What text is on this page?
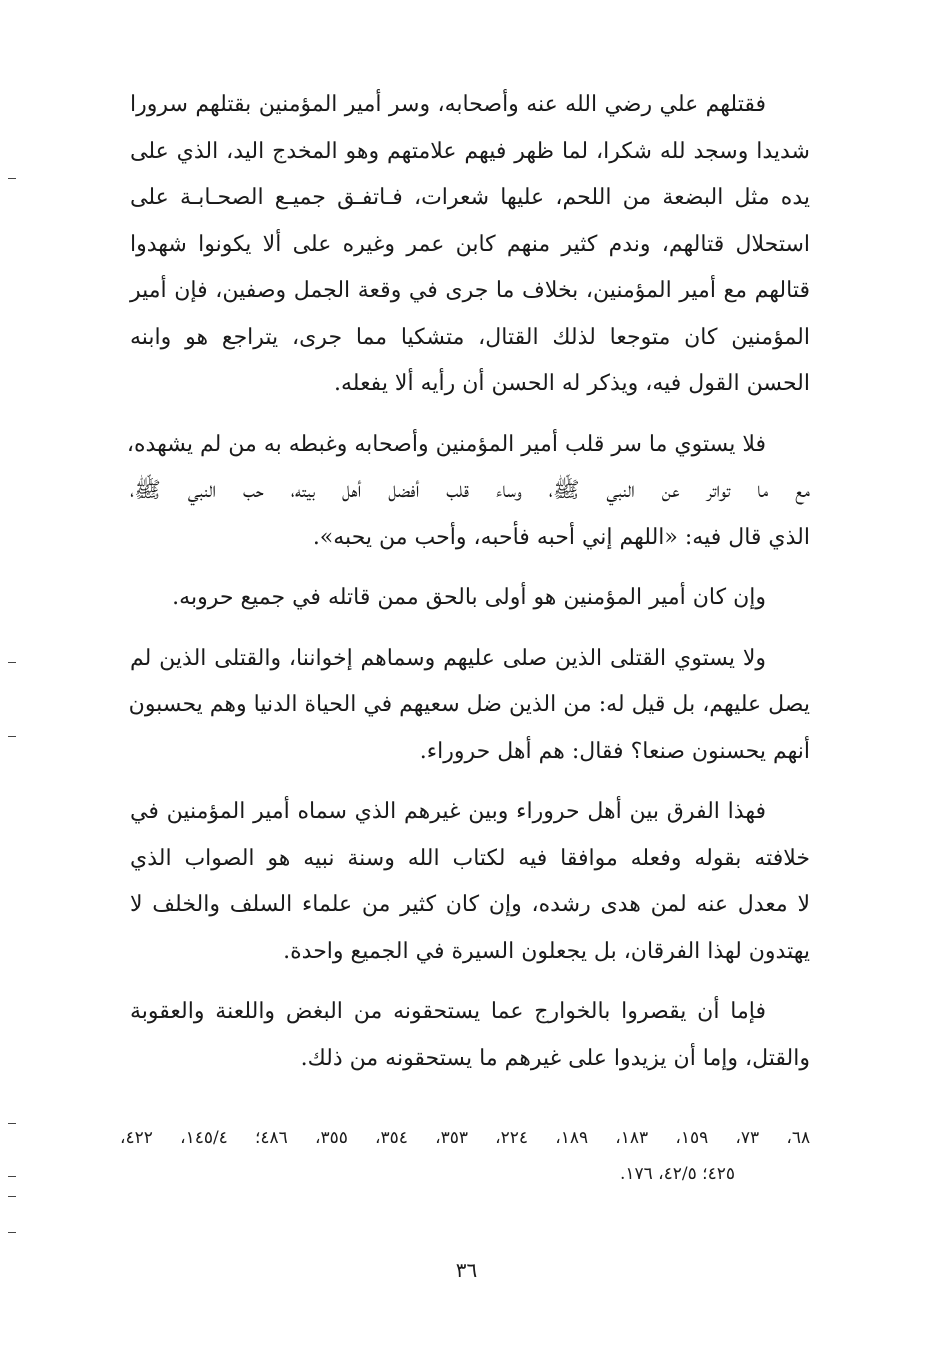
فقتلهم علي رضي الله عنه وأصحابه، وسر أمير المؤمنين بقتلهم سرورا
شديدا وسجد لله شكرا، لما ظهر فيهم علامتهم وهو المخدج اليد، الذي على
يده مثل البضعة من اللحم، عليها شعرات، فـاتفـق جميـع الصحـابـة على
استحلال قتالهم، وندم كثير منهم كابن عمر وغيره على ألا يكونوا شهدوا
قتالهم مع أمير المؤمنين، بخلاف ما جرى في وقعة الجمل وصفين، فإن أمير
المؤمنين كان متوجعا لذلك القتال، متشكيا مما جرى، يتراجع هو وابنه
الحسن القول فيه، ويذكر له الحسن أن رأيه ألا يفعله.

فلا يستوي ما سر قلب أمير المؤمنين وأصحابه وغبطه به من لم يشهده،
مع ما تواتر عن النبي ﷺ، وساء قلب أفضل أهل بيته، حب النبي ﷺ،
الذي قال فيه: «اللهم إني أحبه فأحبه، وأحب من يحبه».

وإن كان أمير المؤمنين هو أولى بالحق ممن قاتله في جميع حروبه.

ولا يستوي القتلى الذين صلى عليهم وسماهم إخواننا، والقتلى الذين لم
يصل عليهم، بل قيل له: من الذين ضل سعيهم في الحياة الدنيا وهم يحسبون
أنهم يحسنون صنعا؟ فقال: هم أهل حروراء.

فهذا الفرق بين أهل حروراء وبين غيرهم الذي سماه أمير المؤمنين في
خلافته بقوله وفعله موافقا فيه لكتاب الله وسنة نبيه هو الصواب الذي
لا معدل عنه لمن هدى رشده، وإن كان كثير من علماء السلف والخلف لا
يهتدون لهذا الفرقان، بل يجعلون السيرة في الجميع واحدة.

فإما أن يقصروا بالخوارج عما يستحقونه من البغض واللعنة والعقوبة
والقتل، وإما أن يزيدوا على غيرهم ما يستحقونه من ذلك.

٦٨، ٧٣، ١٥٩، ١٨٣، ١٨٩، ٢٢٤، ٣٥٣، ٣٥٤، ٣٥٥، ٤٨٦؛ ١٤٥/٤، ٤٢٢،
٤٢٥؛ ٤٢/٥، ١٧٦.
٣٦
